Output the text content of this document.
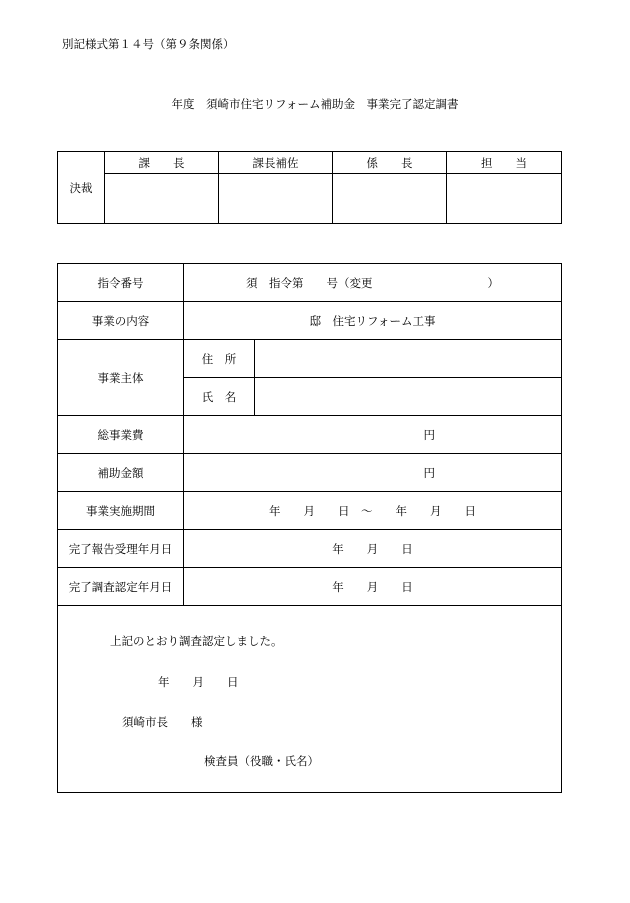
別記様式第１４号（第９条関係）
年度　須崎市住宅リフォーム補助金　事業完了認定調書
決裁	課　　長	課長補佐	係　　長	担　　当

指令番号	須　指令第　　号（変更　　　　　　　　　　）	
事業の内容	邸　住宅リフォーム工事	
事業主体	住　所	
	氏　名	
総事業費	円	
補助金額	円	
事業実施期間	年　　月　　日　～　　年　　月　　日	
完了報告受理年月日	年　　月　　日	
完了調査認定年月日	年　　月　　日	

上記のとおり調査認定しました。
年　　月　　日
須崎市長　　様
検査員（役職・氏名）		
